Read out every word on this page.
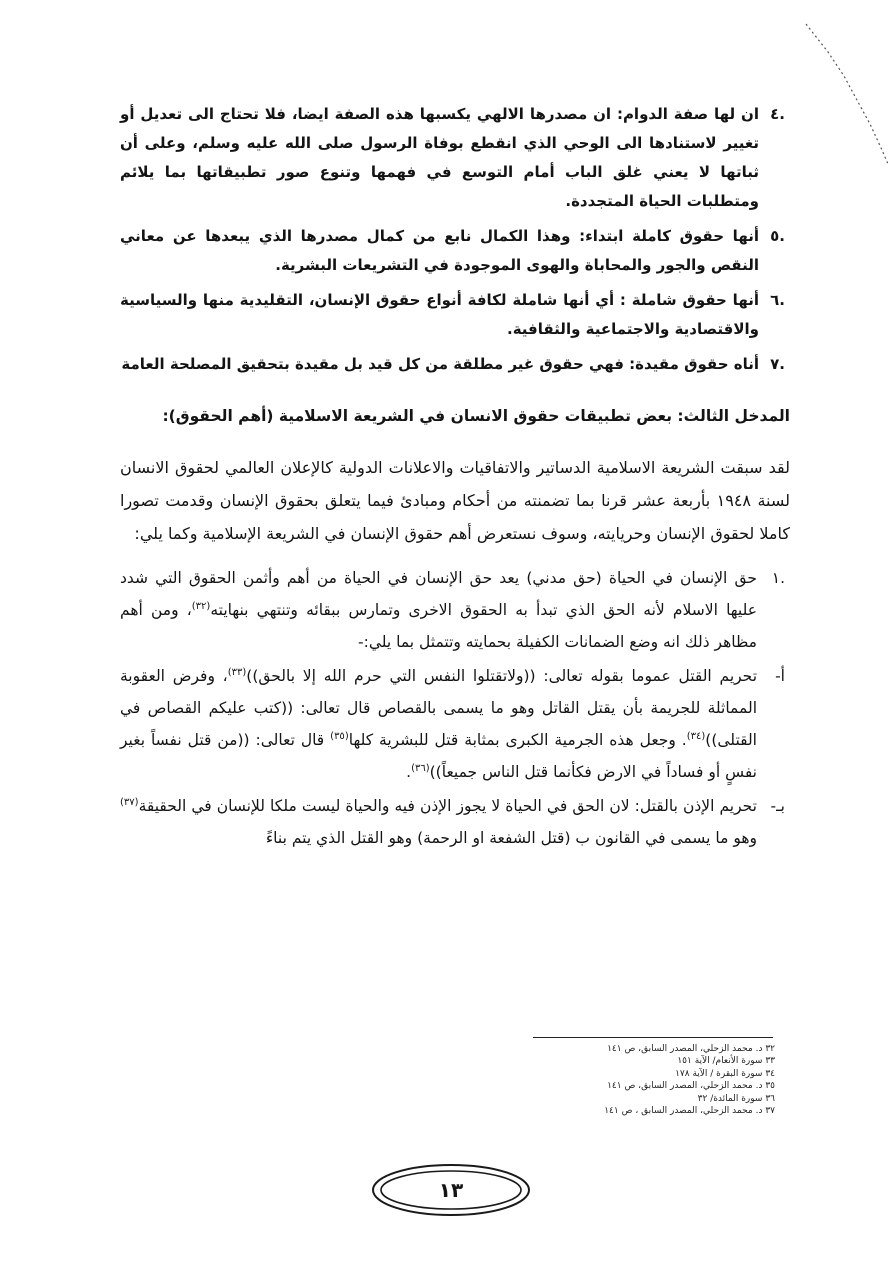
.٤
ان لها صفة الدوام: ان مصدرها الالهي يكسبها هذه الصفة ايضا، فلا تحتاج الى تعديل أو تغيير لاستنادها الى الوحي الذي انقطع بوفاة الرسول صلى الله عليه وسلم، وعلى أن ثباتها لا يعني غلق الباب أمام التوسع في فهمها وتنوع صور تطبيقاتها بما يلائم ومتطلبات الحياة المتجددة.
.٥
أنها حقوق كاملة ابتداء: وهذا الكمال نابع من كمال مصدرها الذي يبعدها عن معاني النقص والجور والمحاباة والهوى الموجودة في التشريعات البشرية.
.٦
أنها حقوق شاملة : أي أنها شاملة لكافة أنواع حقوق الإنسان، التقليدية منها والسياسية والاقتصادية والاجتماعية والثقافية.
.٧
أناه حقوق مقيدة: فهي حقوق غير مطلقة من كل قيد بل مقيدة بتحقيق المصلحة العامة
المدخل الثالث: بعض تطبيقات حقوق الانسان في الشريعة الاسلامية (أهم الحقوق):

لقد سبقت الشريعة الاسلامية الدساتير والاتفاقيات والاعلانات الدولية كالإعلان العالمي لحقوق الانسان لسنة ١٩٤٨ بأربعة عشر قرنا بما تضمنته من أحكام ومبادئ فيما يتعلق بحقوق الإنسان وقدمت تصورا كاملا لحقوق الإنسان وحريايته، وسوف نستعرض أهم حقوق الإنسان في الشريعة الإسلامية وكما يلي:

.١
حق الإنسان في الحياة (حق مدني) يعد حق الإنسان في الحياة من أهم وأثمن الحقوق التي شدد عليها الاسلام لأنه الحق الذي تبدأ به الحقوق الاخرى وتمارس ببقائه وتنتهي بنهايته$^{(٣٢)}$، ومن أهم مظاهر ذلك انه وضع الضمانات الكفيلة بحمايته وتتمثل بما يلي:-
أ-
تحريم القتل عموما بقوله تعالى: ((ولاتقتلوا النفس التي حرم الله إلا بالحق))$^{(٣٣)}$، وفرض العقوبة المماثلة للجريمة بأن يقتل القاتل وهو ما يسمى بالقصاص قال تعالى: ((كتب عليكم القصاص في القتلى))$^{(٣٤)}$. وجعل هذه الجرمية الكبرى بمثابة قتل للبشرية كلها$^{(٣٥)}$ قال تعالى: ((من قتل نفساً بغير نفسٍ أو فساداً في الارض فكأنما قتل الناس جميعاً))$^{(٣٦)}$.
بـ-
تحريم الإذن بالقتل: لان الحق في الحياة لا يجوز الإذن فيه والحياة ليست ملكا للإنسان في الحقيقة$^{(٣٧)}$ وهو ما يسمى في القانون ب (قتل الشفعة او الرحمة) وهو القتل الذي يتم بناءً
٣٢ د. محمد الزحلي، المصدر السابق، ص ١٤١
٣٣ سورة الأنعام/ الآية ١٥١
٣٤ سورة البقرة / الآية ١٧٨
٣٥ د. محمد الزحلي، المصدر السابق، ص ١٤١
٣٦ سورة المائدة/ ٣٢
٣٧ د. محمد الزحلي، المصدر السابق ، ص ١٤١
١٣
